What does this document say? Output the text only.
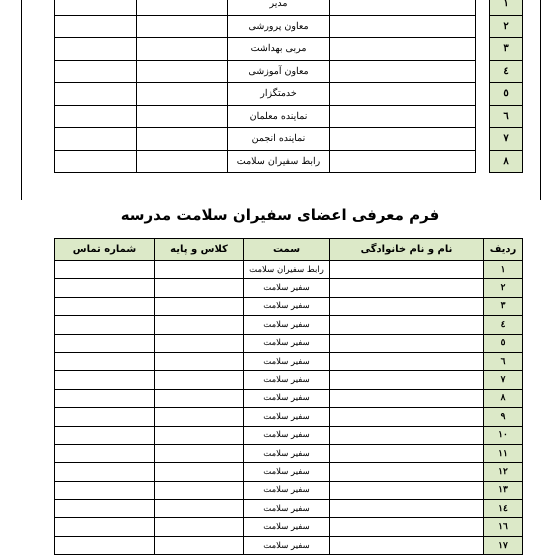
۱			مدیر		
۲			معاون پرورشی		
۳			مربی بهداشت		
٤			معاون آموزشی		
٥			خدمتگزار		
٦			نماینده معلمان		
۷			نماینده انجمن		
۸			رابط سفیران سلامت		
فرم معرفی اعضای سفیران سلامت مدرسه
ردیف	نام و نام خانوادگی	سمت	کلاس و پایه	شماره تماس
۱		رابط سفیران سلامت		
۲		سفیر سلامت		
۳		سفیر سلامت		
٤		سفیر سلامت		
٥		سفیر سلامت		
٦		سفیر سلامت		
۷		سفیر سلامت		
۸		سفیر سلامت		
۹		سفیر سلامت		
۱۰		سفیر سلامت		
۱۱		سفیر سلامت		
۱۲		سفیر سلامت		
۱۳		سفیر سلامت		
۱٤		سفیر سلامت		
۱٦		سفیر سلامت		
۱۷		سفیر سلامت		
